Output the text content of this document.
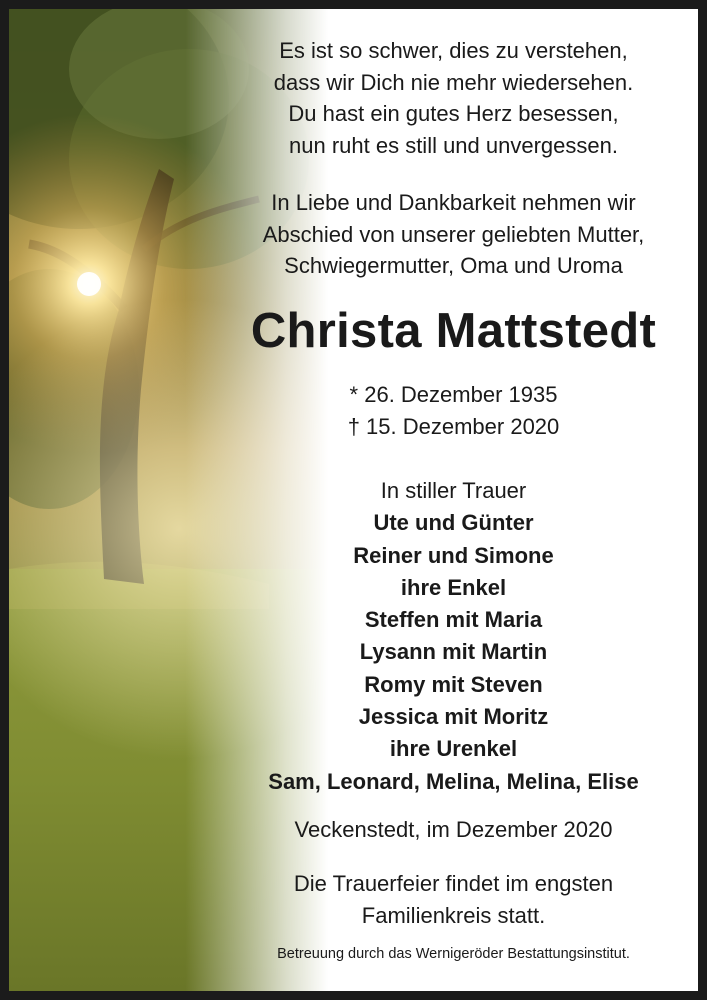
Es ist so schwer, dies zu verstehen,
dass wir Dich nie mehr wiedersehen.
Du hast ein gutes Herz besessen,
nun ruht es still und unvergessen.
In Liebe und Dankbarkeit nehmen wir
Abschied von unserer geliebten Mutter,
Schwiegermutter, Oma und Uroma
Christa Mattstedt
* 26. Dezember 1935
† 15. Dezember 2020
In stiller Trauer
Ute und Günter
Reiner und Simone
ihre Enkel
Steffen mit Maria
Lysann mit Martin
Romy mit Steven
Jessica mit Moritz
ihre Urenkel
Sam, Leonard, Melina, Melina, Elise
Veckenstedt, im Dezember 2020
Die Trauerfeier findet im engsten
Familienkreis statt.
Betreuung durch das Wernigeröder Bestattungsinstitut.
